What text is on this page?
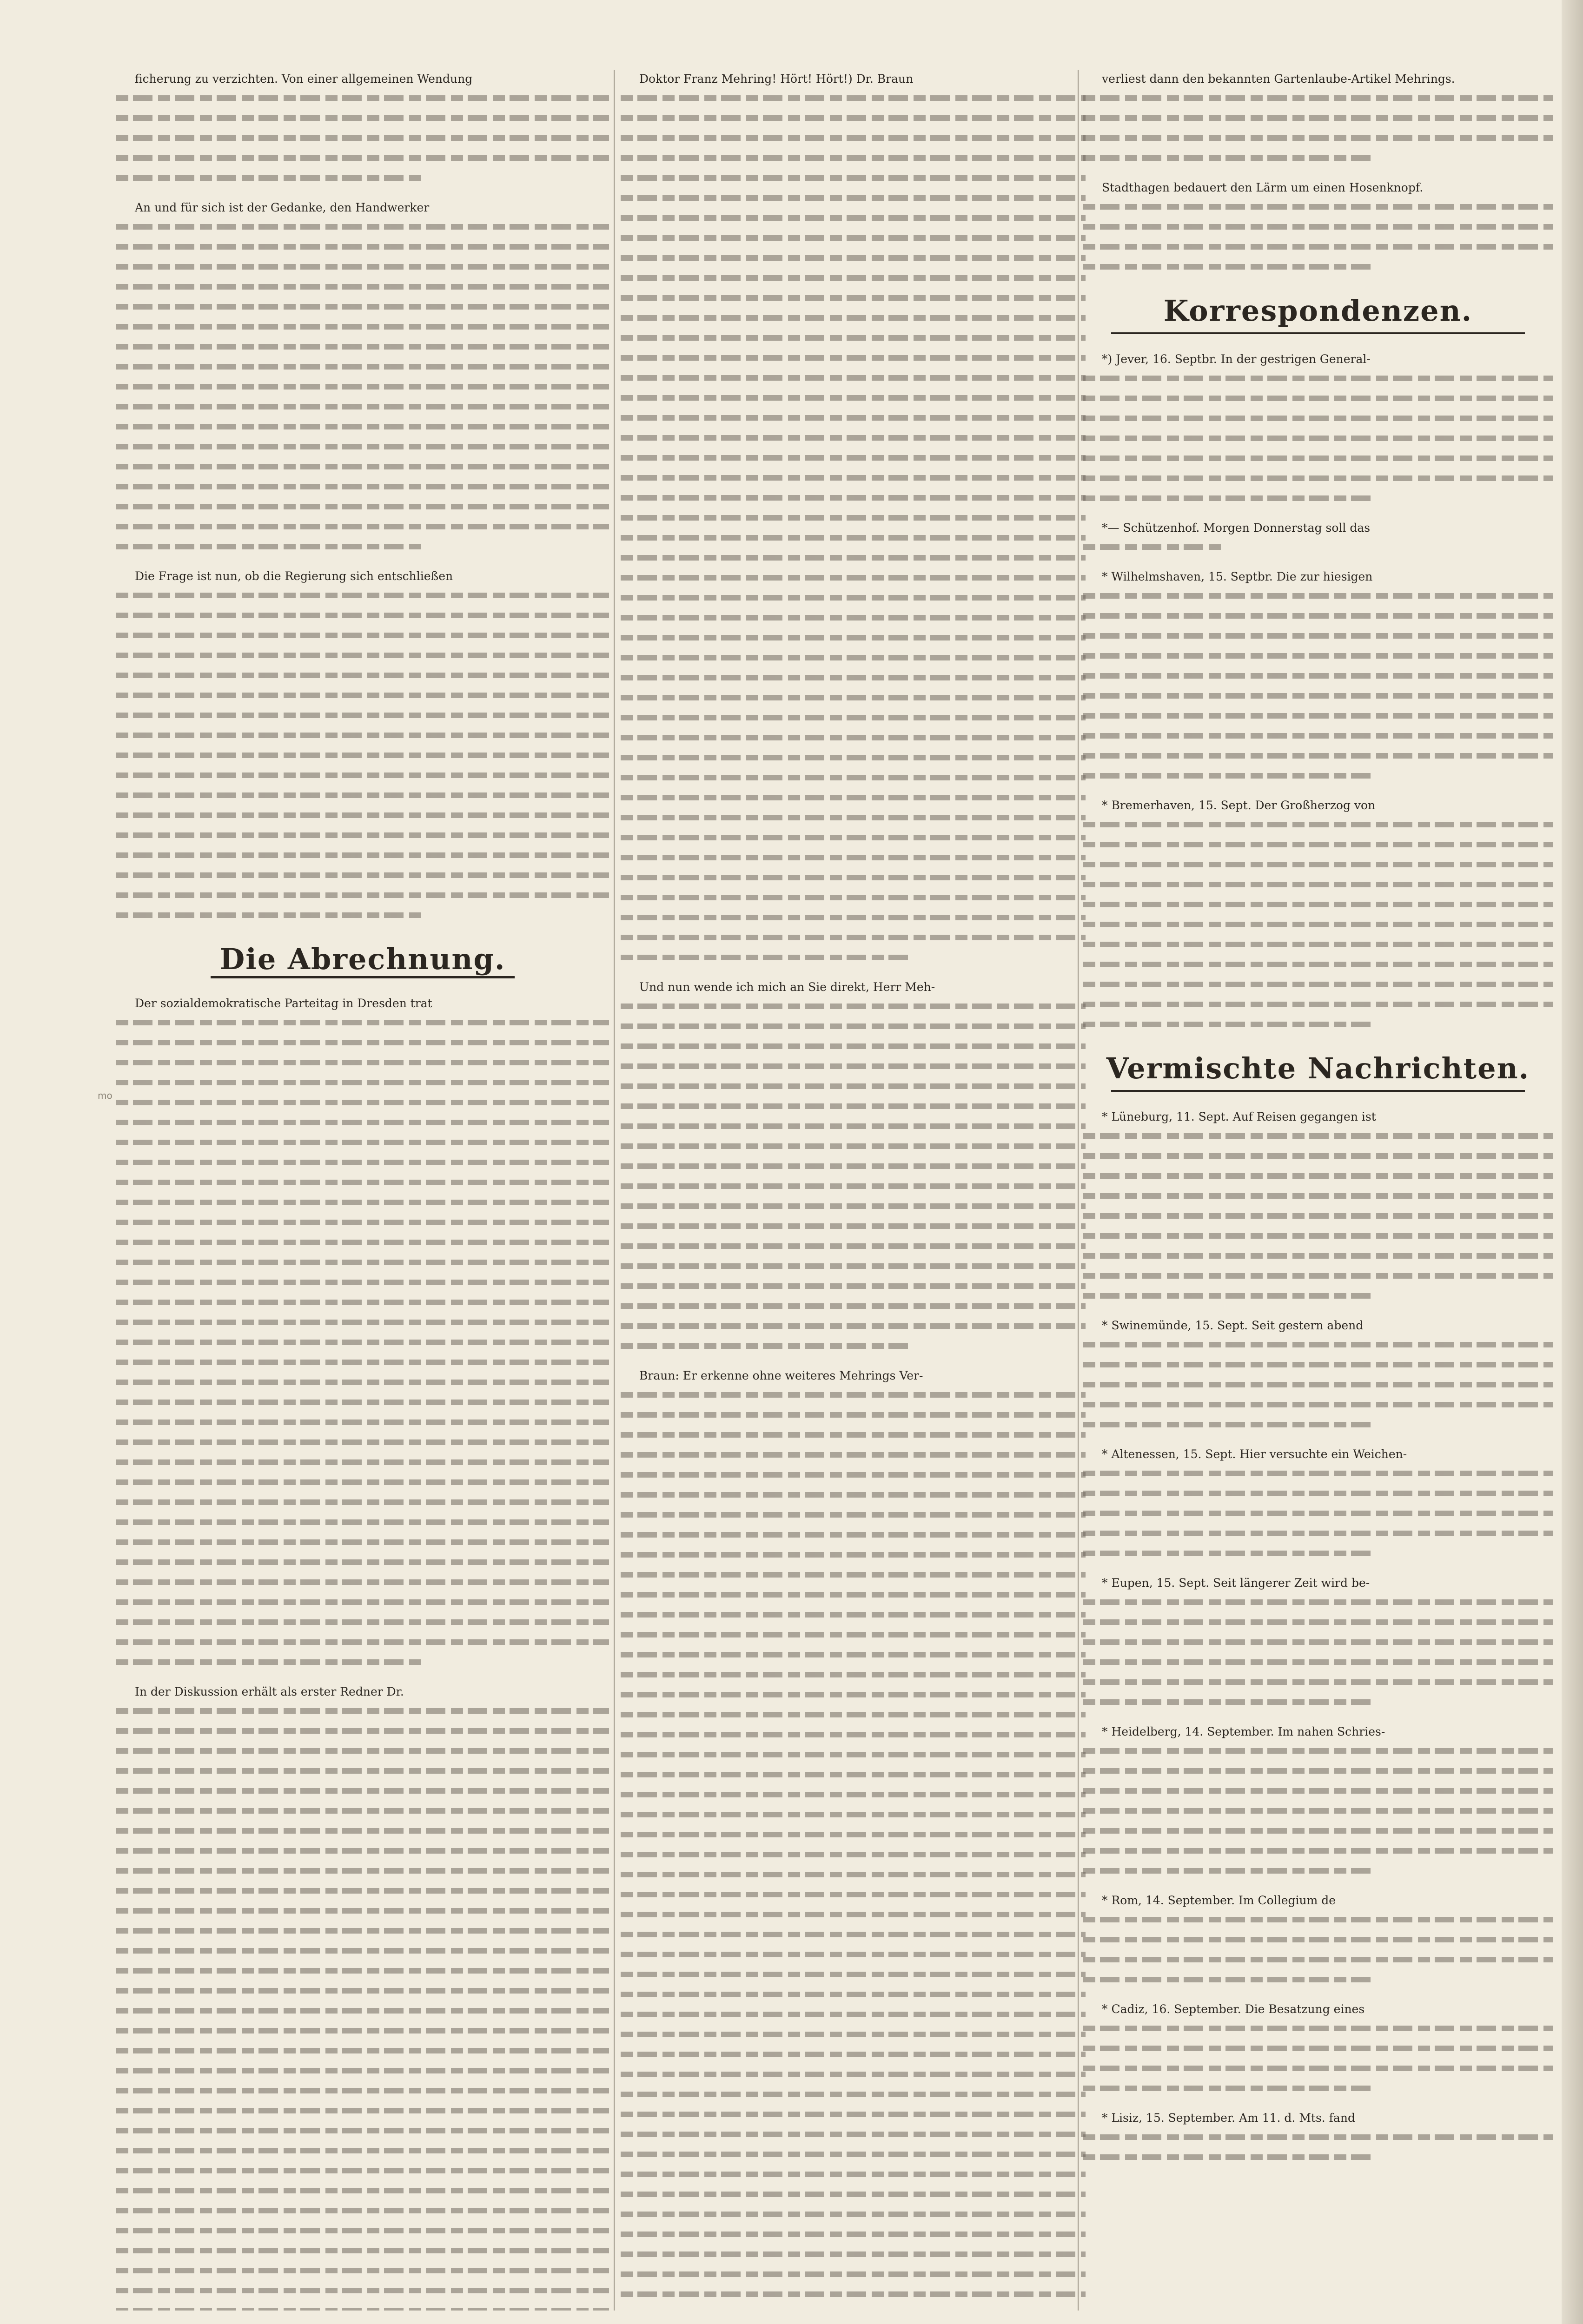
ficherung zu verzichten. Von einer allgemeinen Wendung
An und für sich ist der Gedanke, den Handwerker
Die Frage ist nun, ob die Regierung sich entschließen
Die Abrechnung.
Der sozialdemokratische Parteitag in Dresden trat
In der Diskussion erhält als erster Redner Dr.
Doktor Franz Mehring! Hört! Hört!) Dr. Braun
Und nun wende ich mich an Sie direkt, Herr Meh-
Braun: Er erkenne ohne weiteres Mehrings Ver-
verliest dann den bekannten Gartenlaube-Artikel Mehrings.
Stadthagen bedauert den Lärm um einen Hosenknopf.
Korrespondenzen.
*) Jever, 16. Septbr. In der gestrigen General-
*— Schützenhof. Morgen Donnerstag soll das
* Wilhelmshaven, 15. Septbr. Die zur hiesigen
* Bremerhaven, 15. Sept. Der Großherzog von
Vermischte Nachrichten.
* Lüneburg, 11. Sept. Auf Reisen gegangen ist
* Swinemünde, 15. Sept. Seit gestern abend
* Altenessen, 15. Sept. Hier versuchte ein Weichen-
* Eupen, 15. Sept. Seit längerer Zeit wird be-
* Heidelberg, 14. September. Im nahen Schries-
* Rom, 14. September. Im Collegium de
* Cadiz, 16. September. Die Besatzung eines
* Lisiz, 15. September. Am 11. d. Mts. fand
mo
